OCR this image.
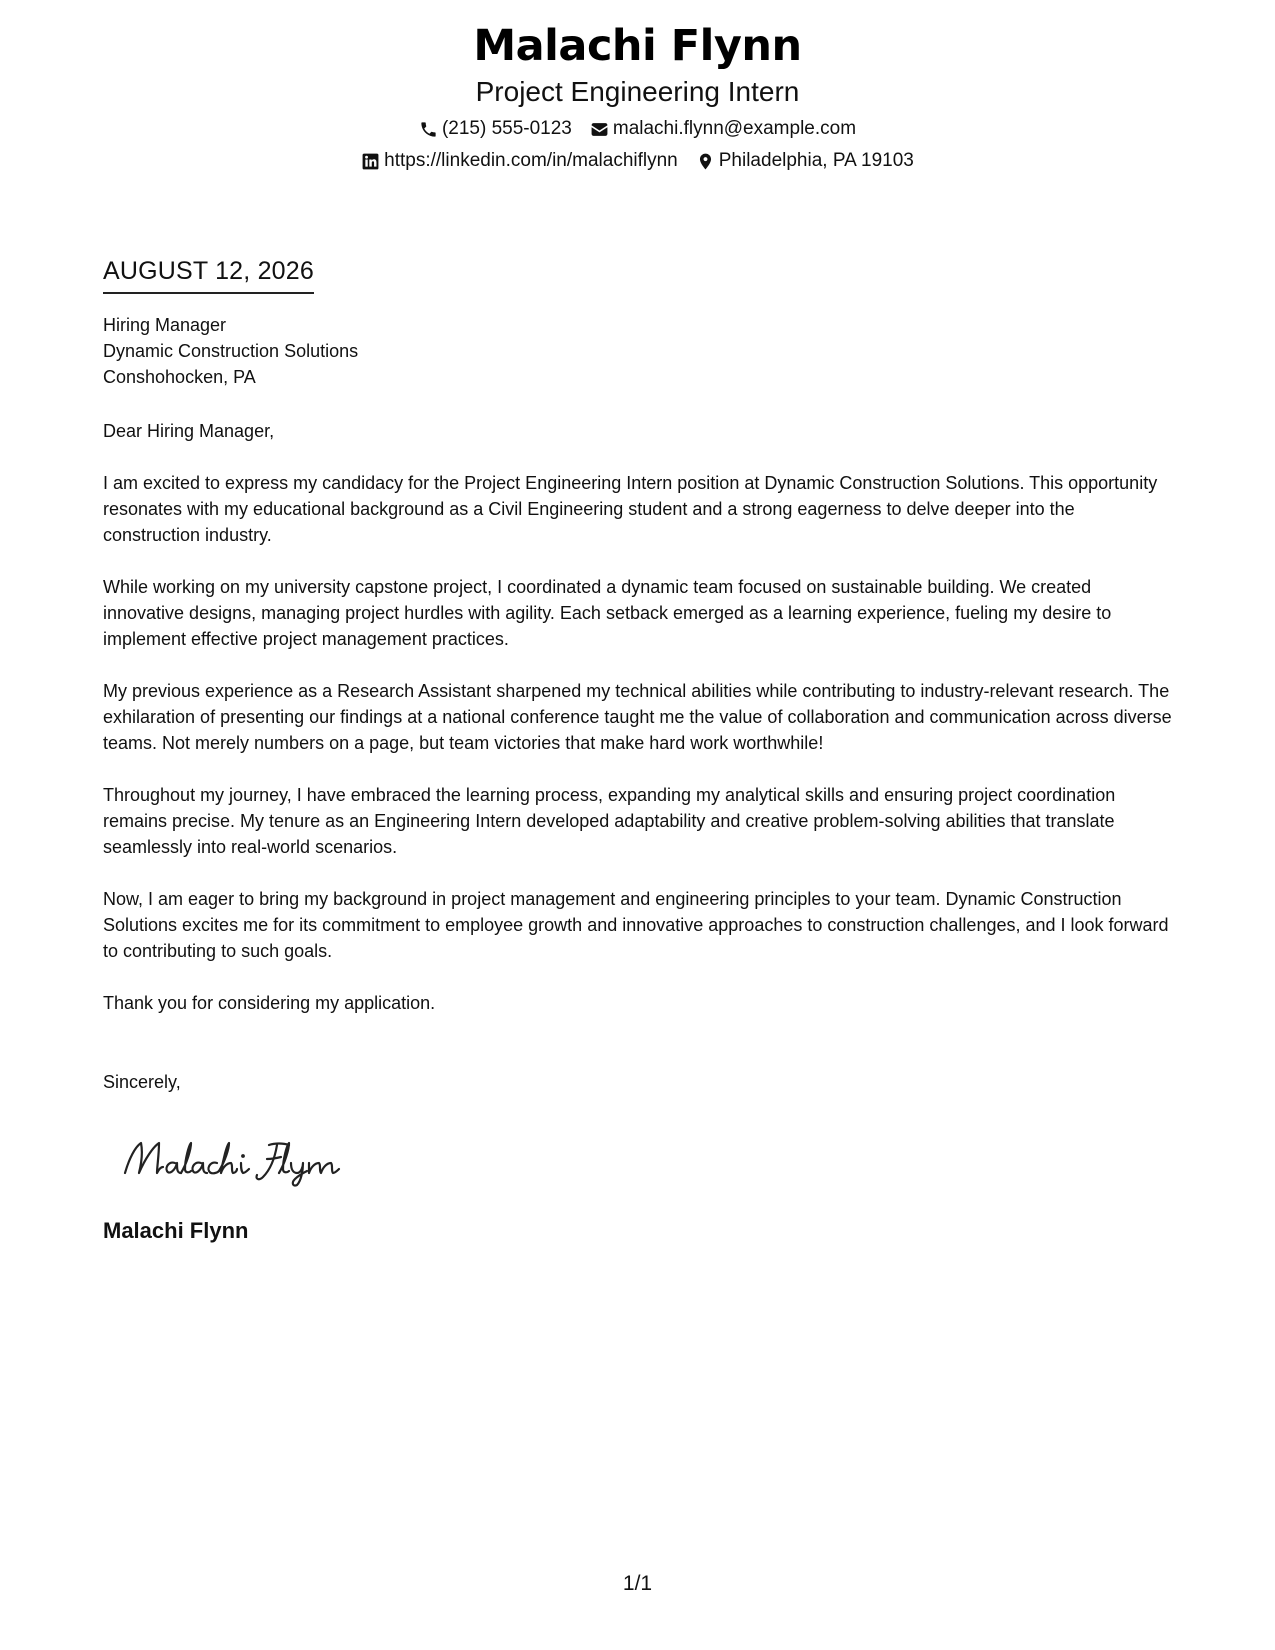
Malachi Flynn
Project Engineering Intern
(215) 555-0123 malachi.flynn@example.com
https://linkedin.com/in/malachiflynn Philadelphia, PA 19103
AUGUST 12, 2026
Hiring Manager
Dynamic Construction Solutions
Conshohocken, PA
Dear Hiring Manager,
I am excited to express my candidacy for the Project Engineering Intern position at Dynamic Construction Solutions. This opportunity resonates with my educational background as a Civil Engineering student and a strong eagerness to delve deeper into the construction industry.
While working on my university capstone project, I coordinated a dynamic team focused on sustainable building. We created innovative designs, managing project hurdles with agility. Each setback emerged as a learning experience, fueling my desire to implement effective project management practices.
My previous experience as a Research Assistant sharpened my technical abilities while contributing to industry-relevant research. The exhilaration of presenting our findings at a national conference taught me the value of collaboration and communication across diverse teams. Not merely numbers on a page, but team victories that make hard work worthwhile!
Throughout my journey, I have embraced the learning process, expanding my analytical skills and ensuring project coordination remains precise. My tenure as an Engineering Intern developed adaptability and creative problem-solving abilities that translate seamlessly into real-world scenarios.
Now, I am eager to bring my background in project management and engineering principles to your team. Dynamic Construction Solutions excites me for its commitment to employee growth and innovative approaches to construction challenges, and I look forward to contributing to such goals.
Thank you for considering my application.
Sincerely,
Malachi Flynn
1/1
